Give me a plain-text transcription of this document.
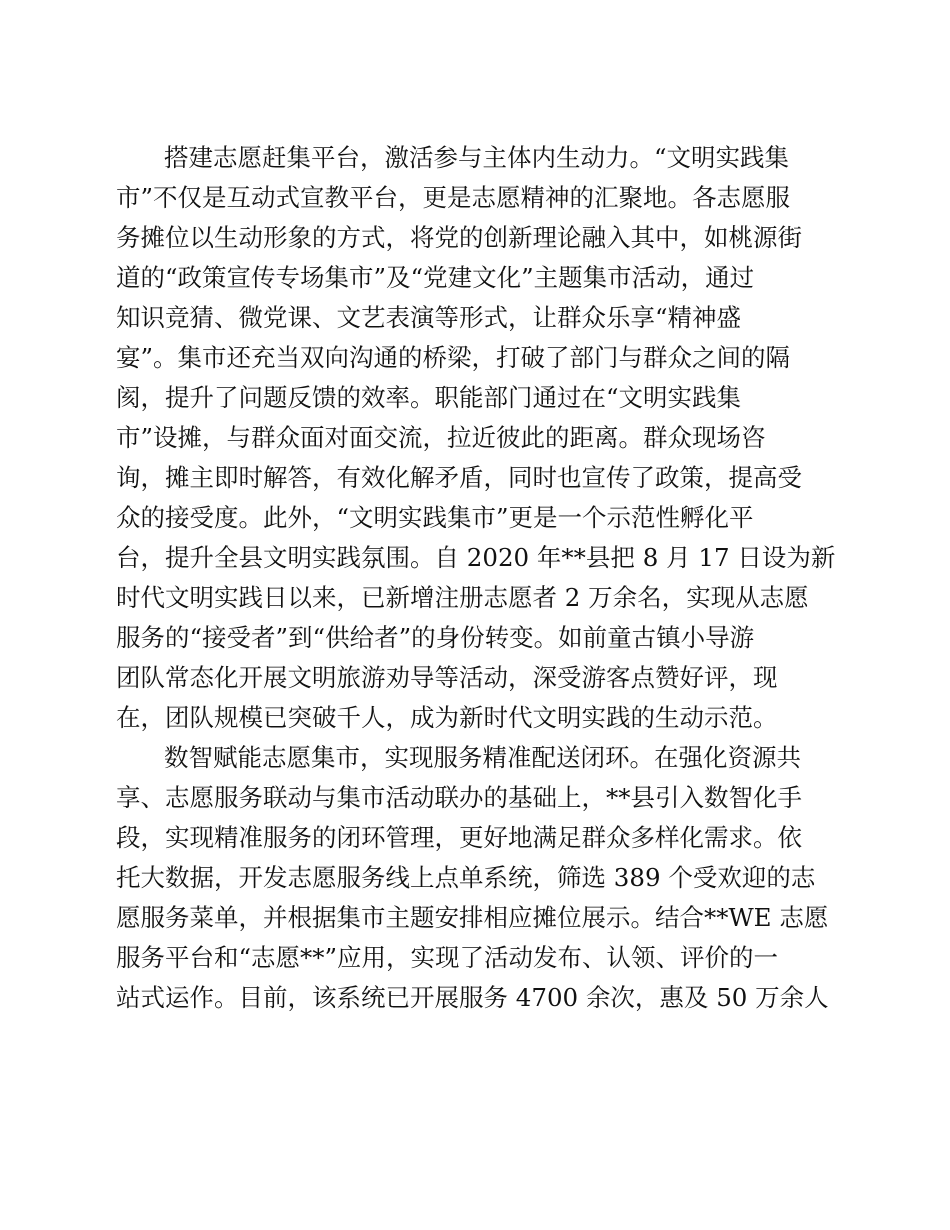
搭建志愿赶集平台，激活参与主体内生动力。“文明实践集
市”不仅是互动式宣教平台，更是志愿精神的汇聚地。各志愿服
务摊位以生动形象的方式，将党的创新理论融入其中，如桃源街
道的“政策宣传专场集市”及“党建文化”主题集市活动，通过
知识竞猜、微党课、文艺表演等形式，让群众乐享“精神盛
宴”。集市还充当双向沟通的桥梁，打破了部门与群众之间的隔
阂，提升了问题反馈的效率。职能部门通过在“文明实践集
市”设摊，与群众面对面交流，拉近彼此的距离。群众现场咨
询，摊主即时解答，有效化解矛盾，同时也宣传了政策，提高受
众的接受度。此外，“文明实践集市”更是一个示范性孵化平
台，提升全县文明实践氛围。自 2020 年**县把 8 月 17 日设为新
时代文明实践日以来，已新增注册志愿者 2 万余名，实现从志愿
服务的“接受者”到“供给者”的身份转变。如前童古镇小导游
团队常态化开展文明旅游劝导等活动，深受游客点赞好评，现
在，团队规模已突破千人，成为新时代文明实践的生动示范。
数智赋能志愿集市，实现服务精准配送闭环。在强化资源共
享、志愿服务联动与集市活动联办的基础上，**县引入数智化手
段，实现精准服务的闭环管理，更好地满足群众多样化需求。依
托大数据，开发志愿服务线上点单系统，筛选 389 个受欢迎的志
愿服务菜单，并根据集市主题安排相应摊位展示。结合**WE 志愿
服务平台和“志愿**”应用，实现了活动发布、认领、评价的一
站式运作。目前，该系统已开展服务 4700 余次，惠及 50 万余人
